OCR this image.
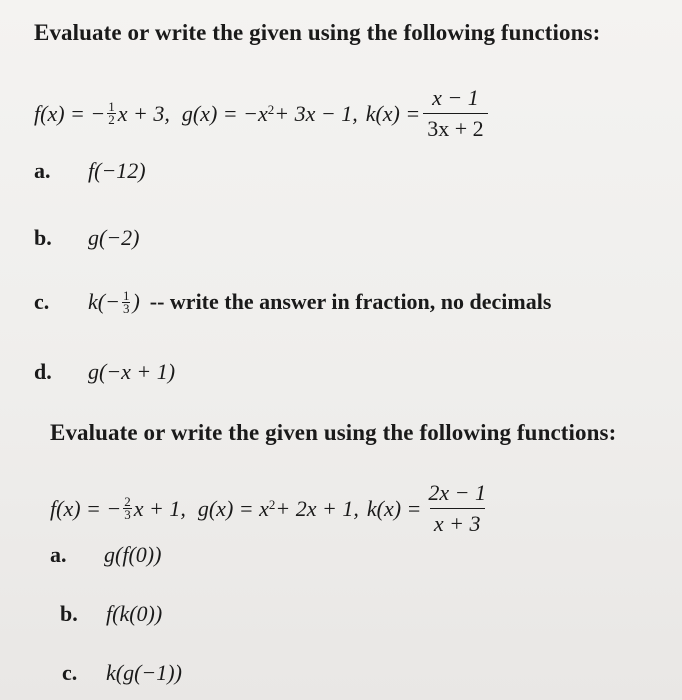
Evaluate or write the given using the following functions:
f(x) = − $\frac{1}{2}$ x + 3, $g(x) = -x^2 + 3x - 1$, $k(x) = \frac{x - 1}{3x + 2}$
a.	f(−12)
b.	g(−2)
c.	$k(- \frac{1}{3}$ ) -- write the answer in fraction, no decimals
d.	g(−x + 1)
Evaluate or write the given using the following functions:
f(x) = − $\frac{2}{3}$ x + 1, $g(x) = x^2 + 2x + 1$, $k(x) = \frac{2x - 1}{x + 3}$
a.	g(f(0))
b.	f(k(0))
c.	k(g(−1))
